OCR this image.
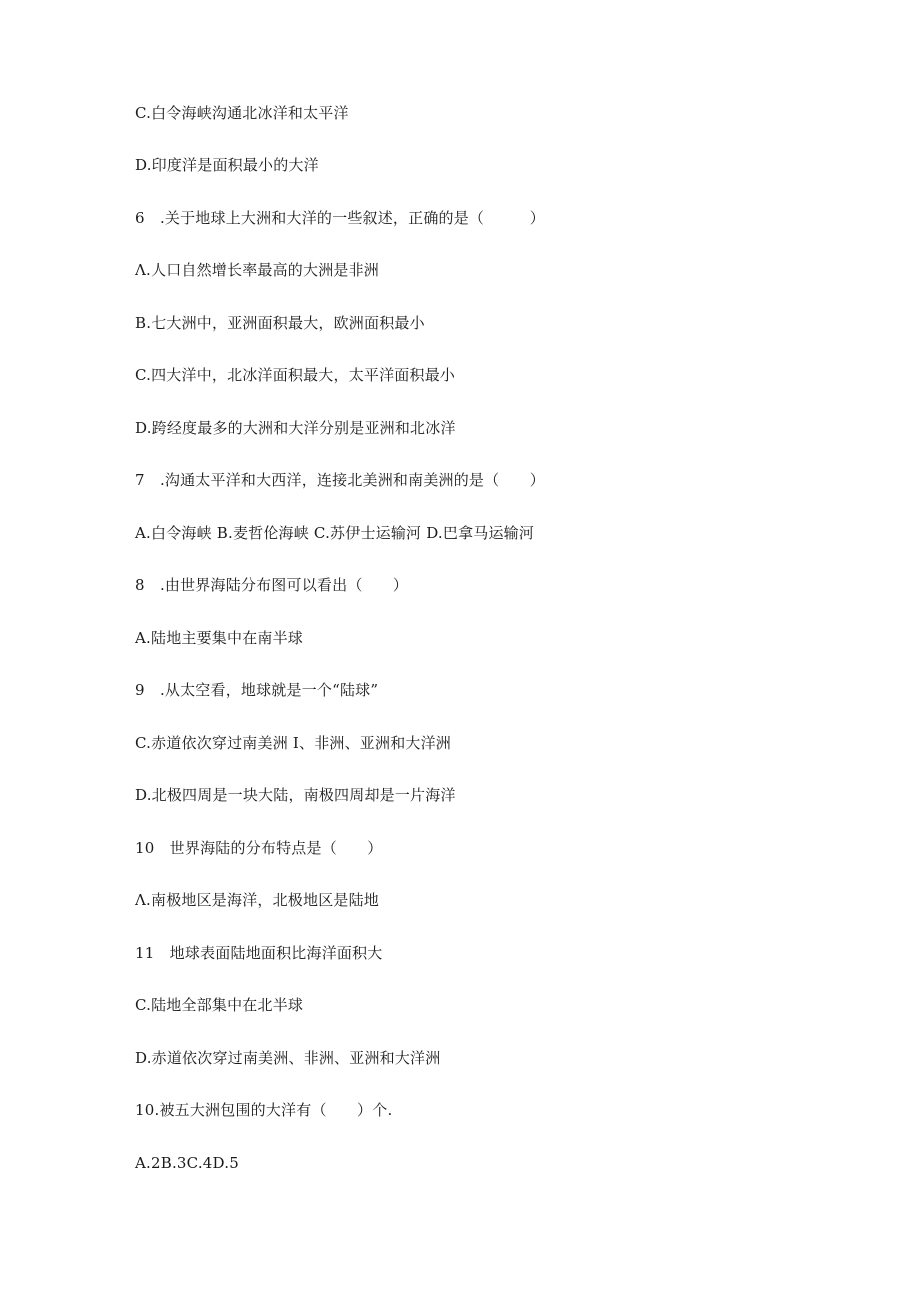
C.白令海峡沟通北冰洋和太平洋
D.印度洋是面积最小的大洋
6　.关于地球上大洲和大洋的一些叙述，正确的是（　　　）
Λ.人口自然增长率最高的大洲是非洲
B.七大洲中，亚洲面积最大，欧洲面积最小
C.四大洋中，北冰洋面积最大，太平洋面积最小
D.跨经度最多的大洲和大洋分别是亚洲和北冰洋
7　.沟通太平洋和大西洋，连接北美洲和南美洲的是（　　）
A.白令海峡 B.麦哲伦海峡 C.苏伊士运输河 D.巴拿马运输河
8　.由世界海陆分布图可以看出（　　）
A.陆地主要集中在南半球
9　.从太空看，地球就是一个“陆球”
C.赤道依次穿过南美洲 I、非洲、亚洲和大洋洲
D.北极四周是一块大陆，南极四周却是一片海洋
10　世界海陆的分布特点是（　　）
Λ.南极地区是海洋，北极地区是陆地
11　地球表面陆地面积比海洋面积大
C.陆地全部集中在北半球
D.赤道依次穿过南美洲、非洲、亚洲和大洋洲
10.被五大洲包围的大洋有（　　）个.
A.2B.3C.4D.5
